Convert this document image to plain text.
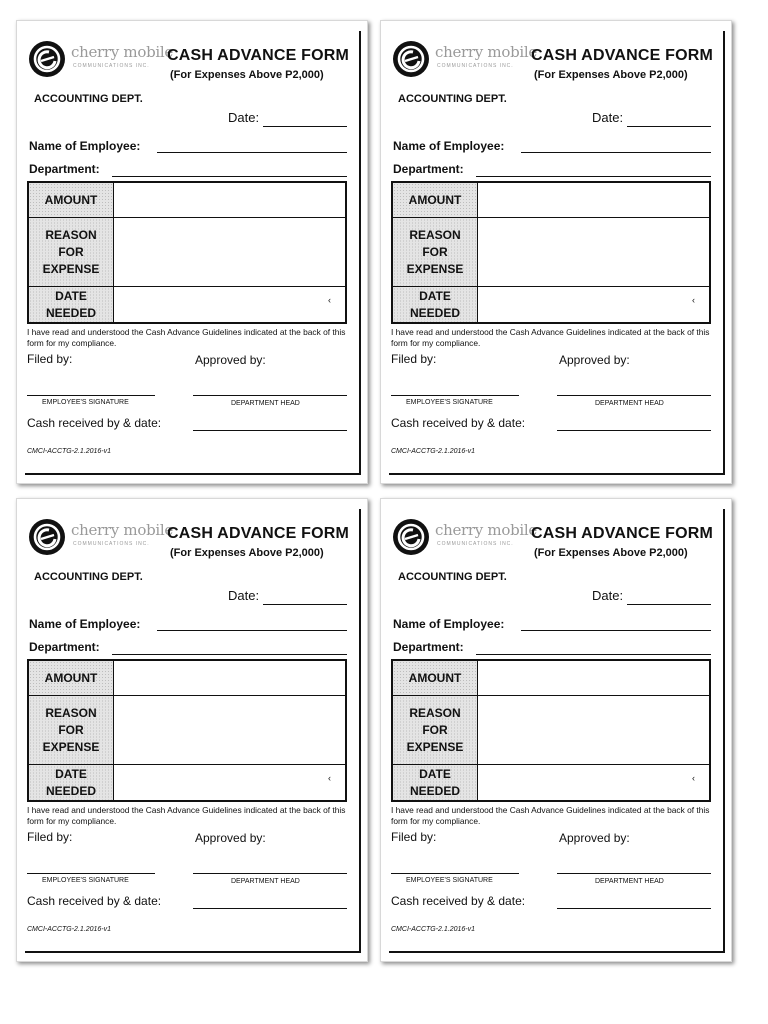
cherry mobile
COMMUNICATIONS INC.
CASH ADVANCE FORM
(For Expenses Above P2,000)
ACCOUNTING DEPT.
Date:
Name of Employee:
Department:
AMOUNT	

REASON
FOR
EXPENSE	

DATE
NEEDED	‹
I have read and understood the Cash Advance Guidelines indicated at the back of this form for my compliance.
Filed by:	Approved by:
EMPLOYEE'S SIGNATURE	DEPARTMENT HEAD
Cash received by & date:
CMCI-ACCTG-2.1.2016-v1
cherry mobile
COMMUNICATIONS INC.
CASH ADVANCE FORM
(For Expenses Above P2,000)
ACCOUNTING DEPT.
Date:
Name of Employee:
Department:
AMOUNT	

REASON
FOR
EXPENSE	

DATE
NEEDED	‹
I have read and understood the Cash Advance Guidelines indicated at the back of this form for my compliance.
Filed by:	Approved by:
EMPLOYEE'S SIGNATURE	DEPARTMENT HEAD
Cash received by & date:
CMCI-ACCTG-2.1.2016-v1
cherry mobile
COMMUNICATIONS INC.
CASH ADVANCE FORM
(For Expenses Above P2,000)
ACCOUNTING DEPT.
Date:
Name of Employee:
Department:
AMOUNT	

REASON
FOR
EXPENSE	

DATE
NEEDED	‹
I have read and understood the Cash Advance Guidelines indicated at the back of this form for my compliance.
Filed by:	Approved by:
EMPLOYEE'S SIGNATURE	DEPARTMENT HEAD
Cash received by & date:
CMCI-ACCTG-2.1.2016-v1
cherry mobile
COMMUNICATIONS INC.
CASH ADVANCE FORM
(For Expenses Above P2,000)
ACCOUNTING DEPT.
Date:
Name of Employee:
Department:
AMOUNT	

REASON
FOR
EXPENSE	

DATE
NEEDED	‹
I have read and understood the Cash Advance Guidelines indicated at the back of this form for my compliance.
Filed by:	Approved by:
EMPLOYEE'S SIGNATURE	DEPARTMENT HEAD
Cash received by & date:
CMCI-ACCTG-2.1.2016-v1
